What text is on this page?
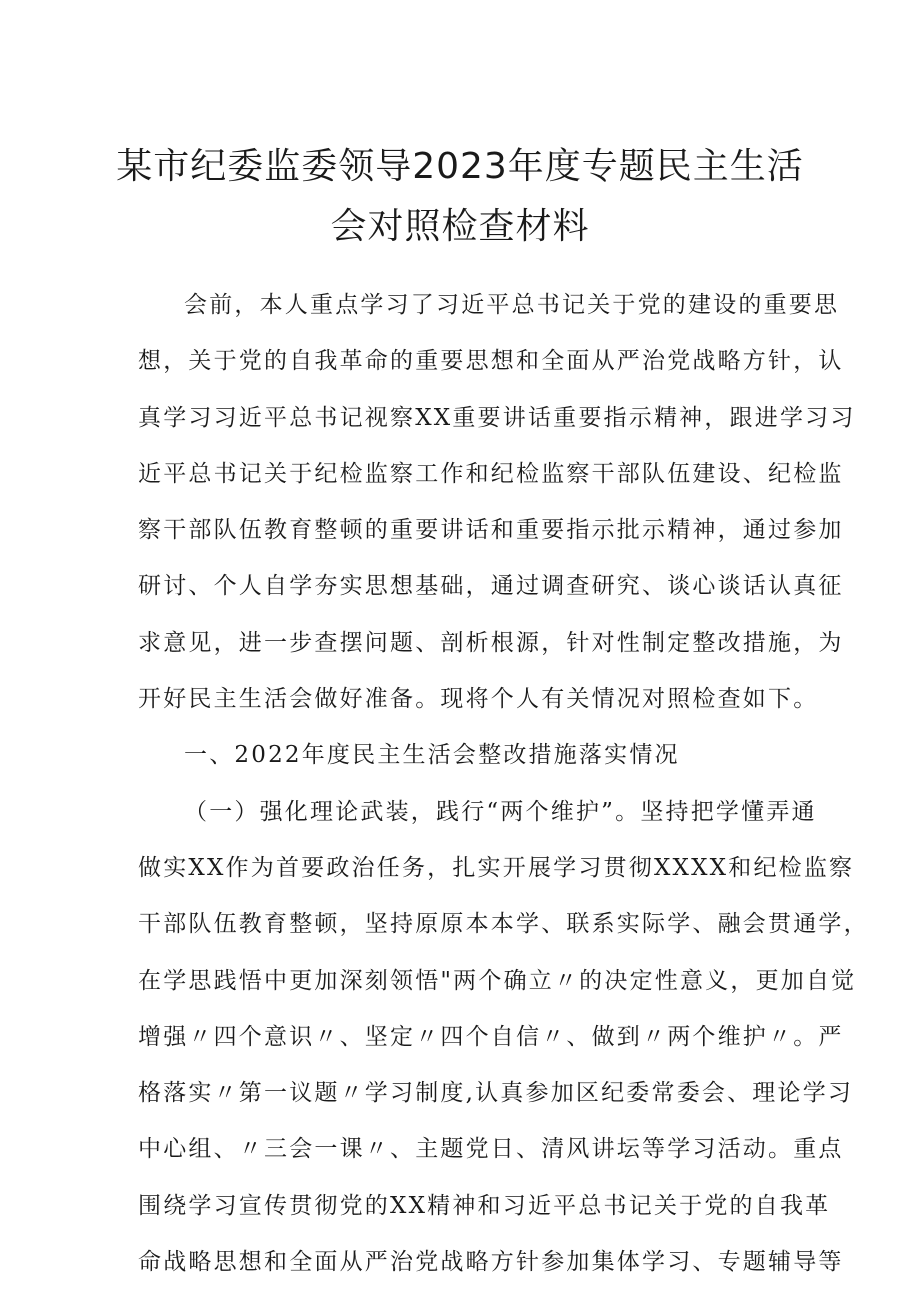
某市纪委监委领导2023年度专题民主生活
会对照检查材料
会前，本人重点学习了习近平总书记关于党的建设的重要思
想，关于党的自我革命的重要思想和全面从严治党战略方针，认
真学习习近平总书记视察XX重要讲话重要指示精神，跟进学习习
近平总书记关于纪检监察工作和纪检监察干部队伍建设、纪检监
察干部队伍教育整顿的重要讲话和重要指示批示精神，通过参加
研讨、个人自学夯实思想基础，通过调查研究、谈心谈话认真征
求意见，进一步查摆问题、剖析根源，针对性制定整改措施，为
开好民主生活会做好准备。现将个人有关情况对照检查如下。
一、2022年度民主生活会整改措施落实情况
（一）强化理论武装，践行“两个维护”。坚持把学懂弄通
做实XX作为首要政治任务，扎实开展学习贯彻XXXX和纪检监察
干部队伍教育整顿，坚持原原本本学、联系实际学、融会贯通学，
在学思践悟中更加深刻领悟"两个确立〃的决定性意义，更加自觉
增强〃四个意识〃、坚定〃四个自信〃、做到〃两个维护〃。严
格落实〃第一议题〃学习制度,认真参加区纪委常委会、理论学习
中心组、〃三会一课〃、主题党日、清风讲坛等学习活动。重点
围绕学习宣传贯彻党的XX精神和习近平总书记关于党的自我革
命战略思想和全面从严治党战略方针参加集体学习、专题辅导等
